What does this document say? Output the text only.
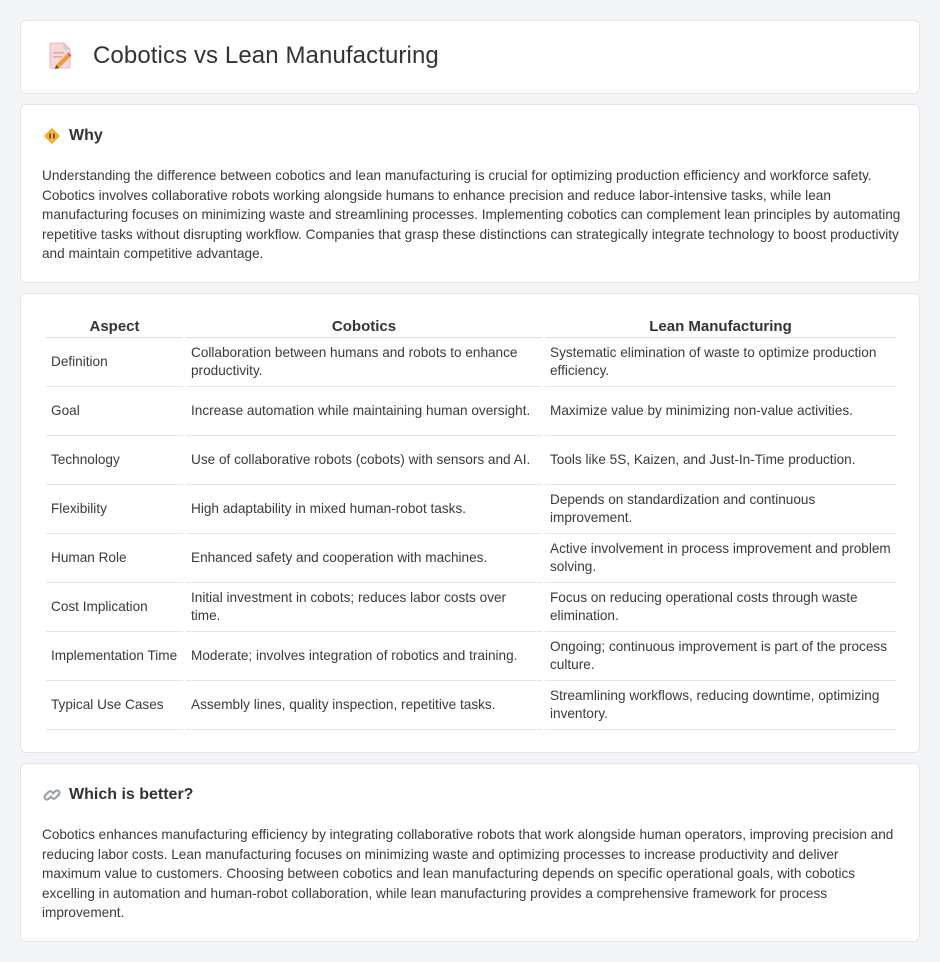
Cobotics vs Lean Manufacturing
Why

Understanding the difference between cobotics and lean manufacturing is crucial for optimizing production efficiency and workforce safety. Cobotics involves collaborative robots working alongside humans to enhance precision and reduce labor-intensive tasks, while lean manufacturing focuses on minimizing waste and streamlining processes. Implementing cobotics can complement lean principles by automating repetitive tasks without disrupting workflow. Companies that grasp these distinctions can strategically integrate technology to boost productivity and maintain competitive advantage.

Aspect	Cobotics	Lean Manufacturing
Definition	Collaboration between humans and robots to enhance productivity.	Systematic elimination of waste to optimize production efficiency.
Goal	Increase automation while maintaining human oversight.	Maximize value by minimizing non-value activities.
Technology	Use of collaborative robots (cobots) with sensors and AI.	Tools like 5S, Kaizen, and Just-In-Time production.
Flexibility	High adaptability in mixed human-robot tasks.	Depends on standardization and continuous improvement.
Human Role	Enhanced safety and cooperation with machines.	Active involvement in process improvement and problem solving.
Cost Implication	Initial investment in cobots; reduces labor costs over time.	Focus on reducing operational costs through waste elimination.
Implementation Time	Moderate; involves integration of robotics and training.	Ongoing; continuous improvement is part of the process culture.
Typical Use Cases	Assembly lines, quality inspection, repetitive tasks.	Streamlining workflows, reducing downtime, optimizing inventory.
Which is better?

Cobotics enhances manufacturing efficiency by integrating collaborative robots that work alongside human operators, improving precision and reducing labor costs. Lean manufacturing focuses on minimizing waste and optimizing processes to increase productivity and deliver maximum value to customers. Choosing between cobotics and lean manufacturing depends on specific operational goals, with cobotics excelling in automation and human-robot collaboration, while lean manufacturing provides a comprehensive framework for process improvement.
